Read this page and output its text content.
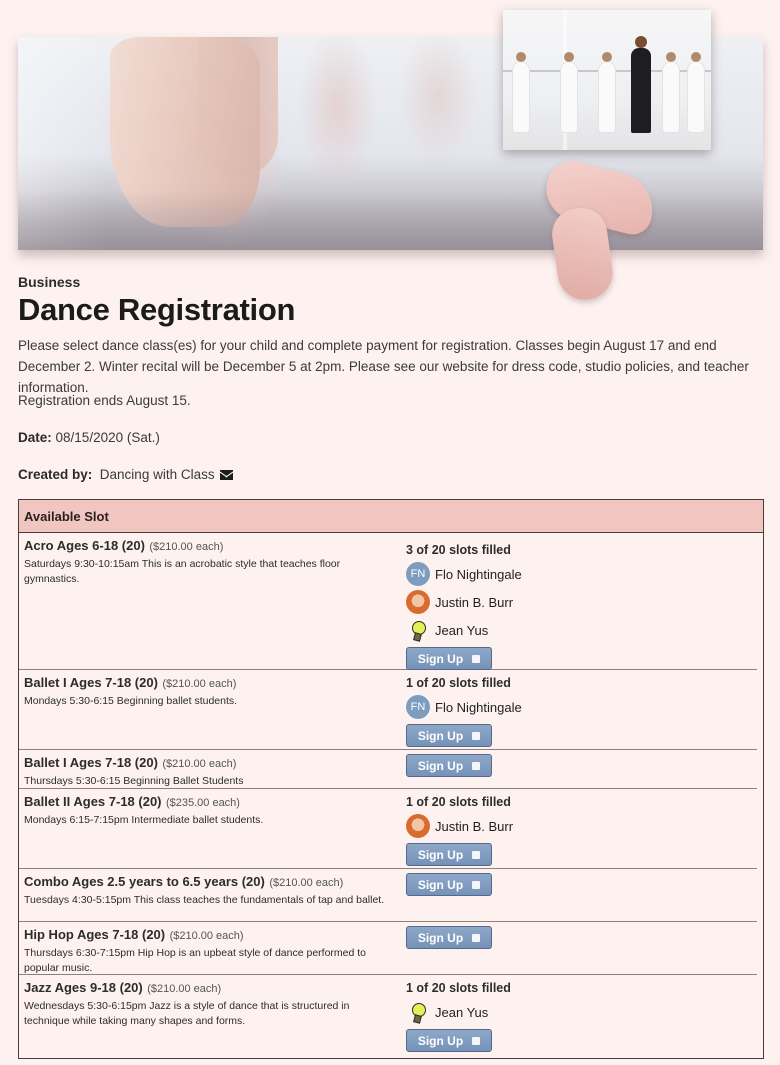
Business
Dance Registration

Please select dance class(es) for your child and complete payment for registration. Classes begin August 17 and end December 2. Winter recital will be December 5 at 2pm. Please see our website for dress code, studio policies, and teacher information.

Registration ends August 15.

Date: 08/15/2020 (Sat.)

Created by: Dancing with Class

Available Slot
Acro Ages 6-18 (20) ($210.00 each)
Saturdays 9:30-10:15am This is an acrobatic style that teaches floor gymnastics.
3 of 20 slots filled
FN Flo Nightingale
Justin B. Burr
Jean Yus
Sign Up
Ballet I Ages 7-18 (20) ($210.00 each)
Mondays 5:30-6:15 Beginning ballet students.
1 of 20 slots filled
FN Flo Nightingale
Sign Up
Ballet I Ages 7-18 (20) ($210.00 each)
Thursdays 5:30-6:15 Beginning Ballet Students
Sign Up
Ballet II Ages 7-18 (20) ($235.00 each)
Mondays 6:15-7:15pm Intermediate ballet students.
1 of 20 slots filled
Justin B. Burr
Sign Up
Combo Ages 2.5 years to 6.5 years (20) ($210.00 each)
Tuesdays 4:30-5:15pm This class teaches the fundamentals of tap and ballet.
Sign Up
Hip Hop Ages 7-18 (20) ($210.00 each)
Thursdays 6:30-7:15pm Hip Hop is an upbeat style of dance performed to popular music.
Sign Up
Jazz Ages 9-18 (20) ($210.00 each)
Wednesdays 5:30-6:15pm Jazz is a style of dance that is structured in technique while taking many shapes and forms.
1 of 20 slots filled
Jean Yus
Sign Up
